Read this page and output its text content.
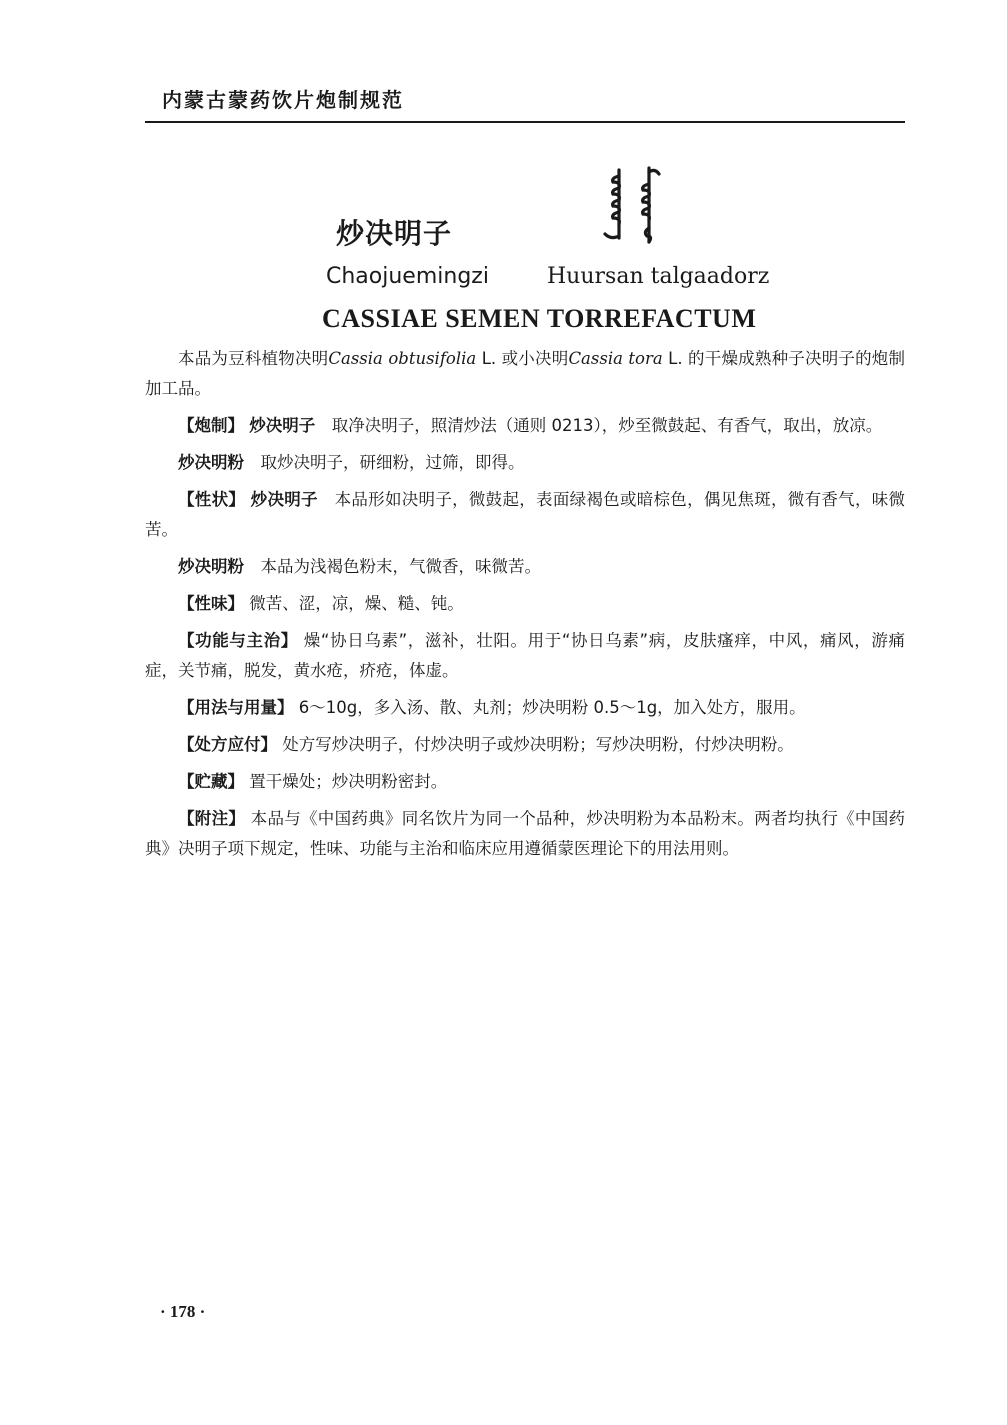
内蒙古蒙药饮片炮制规范
炒决明子
Chaojuemingzi	Huursan talgaadorz
CASSIAE SEMEN TORREFACTUM

本品为豆科植物决明Cassia obtusifolia L. 或小决明Cassia tora L. 的干燥成熟种子决明子的炮制加工品。

【炮制】 炒决明子　 取净决明子，照清炒法（通则 0213），炒至微鼓起、有香气，取出，放凉。

炒决明粉　 取炒决明子，研细粉，过筛，即得。

【性状】 炒决明子　 本品形如决明子，微鼓起，表面绿褐色或暗棕色，偶见焦斑，微有香气，味微苦。

炒决明粉　 本品为浅褐色粉末，气微香，味微苦。

【性味】 微苦、涩，凉，燥、糙、钝。

【功能与主治】 燥“协日乌素”，滋补，壮阳。用于“协日乌素”病，皮肤瘙痒，中风，痛风，游痛症，关节痛，脱发，黄水疮，疥疮，体虚。

【用法与用量】 6～10g，多入汤、散、丸剂；炒决明粉 0.5～1g，加入处方，服用。

【处方应付】 处方写炒决明子，付炒决明子或炒决明粉；写炒决明粉，付炒决明粉。

【贮藏】 置干燥处；炒决明粉密封。

【附注】 本品与《中国药典》同名饮片为同一个品种，炒决明粉为本品粉末。两者均执行《中国药典》决明子项下规定，性味、功能与主治和临床应用遵循蒙医理论下的用法用则。

· 178 ·
